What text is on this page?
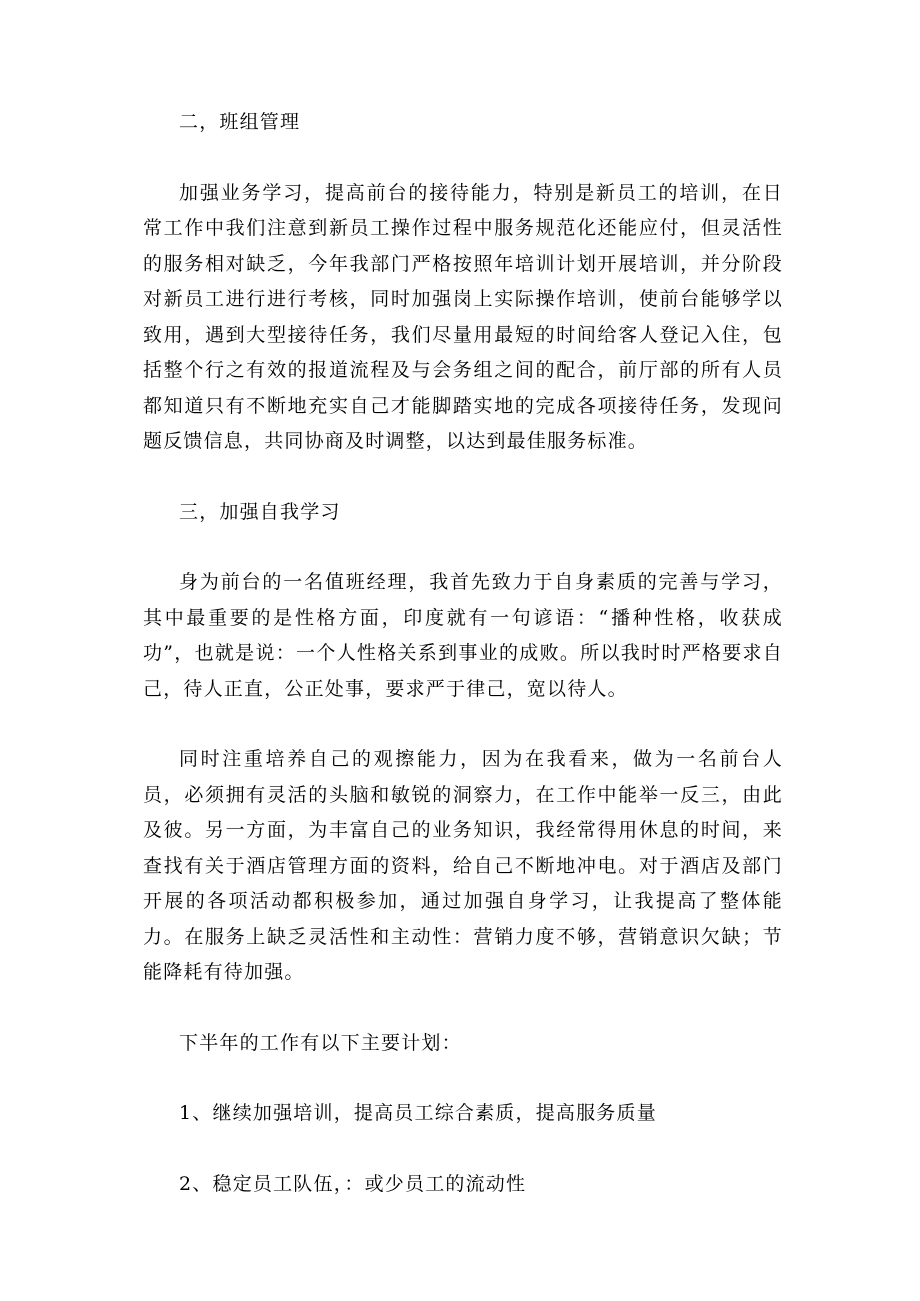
二，班组管理

加强业务学习，提高前台的接待能力，特别是新员工的培训，在日常工作中我们注意到新员工操作过程中服务规范化还能应付，但灵活性的服务相对缺乏，今年我部门严格按照年培训计划开展培训，并分阶段对新员工进行进行考核，同时加强岗上实际操作培训，使前台能够学以致用，遇到大型接待任务，我们尽量用最短的时间给客人登记入住，包括整个行之有效的报道流程及与会务组之间的配合，前厅部的所有人员都知道只有不断地充实自己才能脚踏实地的完成各项接待任务，发现问题反馈信息，共同协商及时调整，以达到最佳服务标准。

三，加强自我学习

身为前台的一名值班经理，我首先致力于自身素质的完善与学习，其中最重要的是性格方面，印度就有一句谚语：“播种性格，收获成功”，也就是说：一个人性格关系到事业的成败。所以我时时严格要求自己，待人正直，公正处事，要求严于律己，宽以待人。

同时注重培养自己的观擦能力，因为在我看来，做为一名前台人员，必须拥有灵活的头脑和敏锐的洞察力，在工作中能举一反三，由此及彼。另一方面，为丰富自己的业务知识，我经常得用休息的时间，来查找有关于酒店管理方面的资料，给自己不断地冲电。对于酒店及部门开展的各项活动都积极参加，通过加强自身学习，让我提高了整体能力。在服务上缺乏灵活性和主动性：营销力度不够，营销意识欠缺；节能降耗有待加强。

下半年的工作有以下主要计划：

1、继续加强培训，提高员工综合素质，提高服务质量

2、稳定员工队伍，：或少员工的流动性
